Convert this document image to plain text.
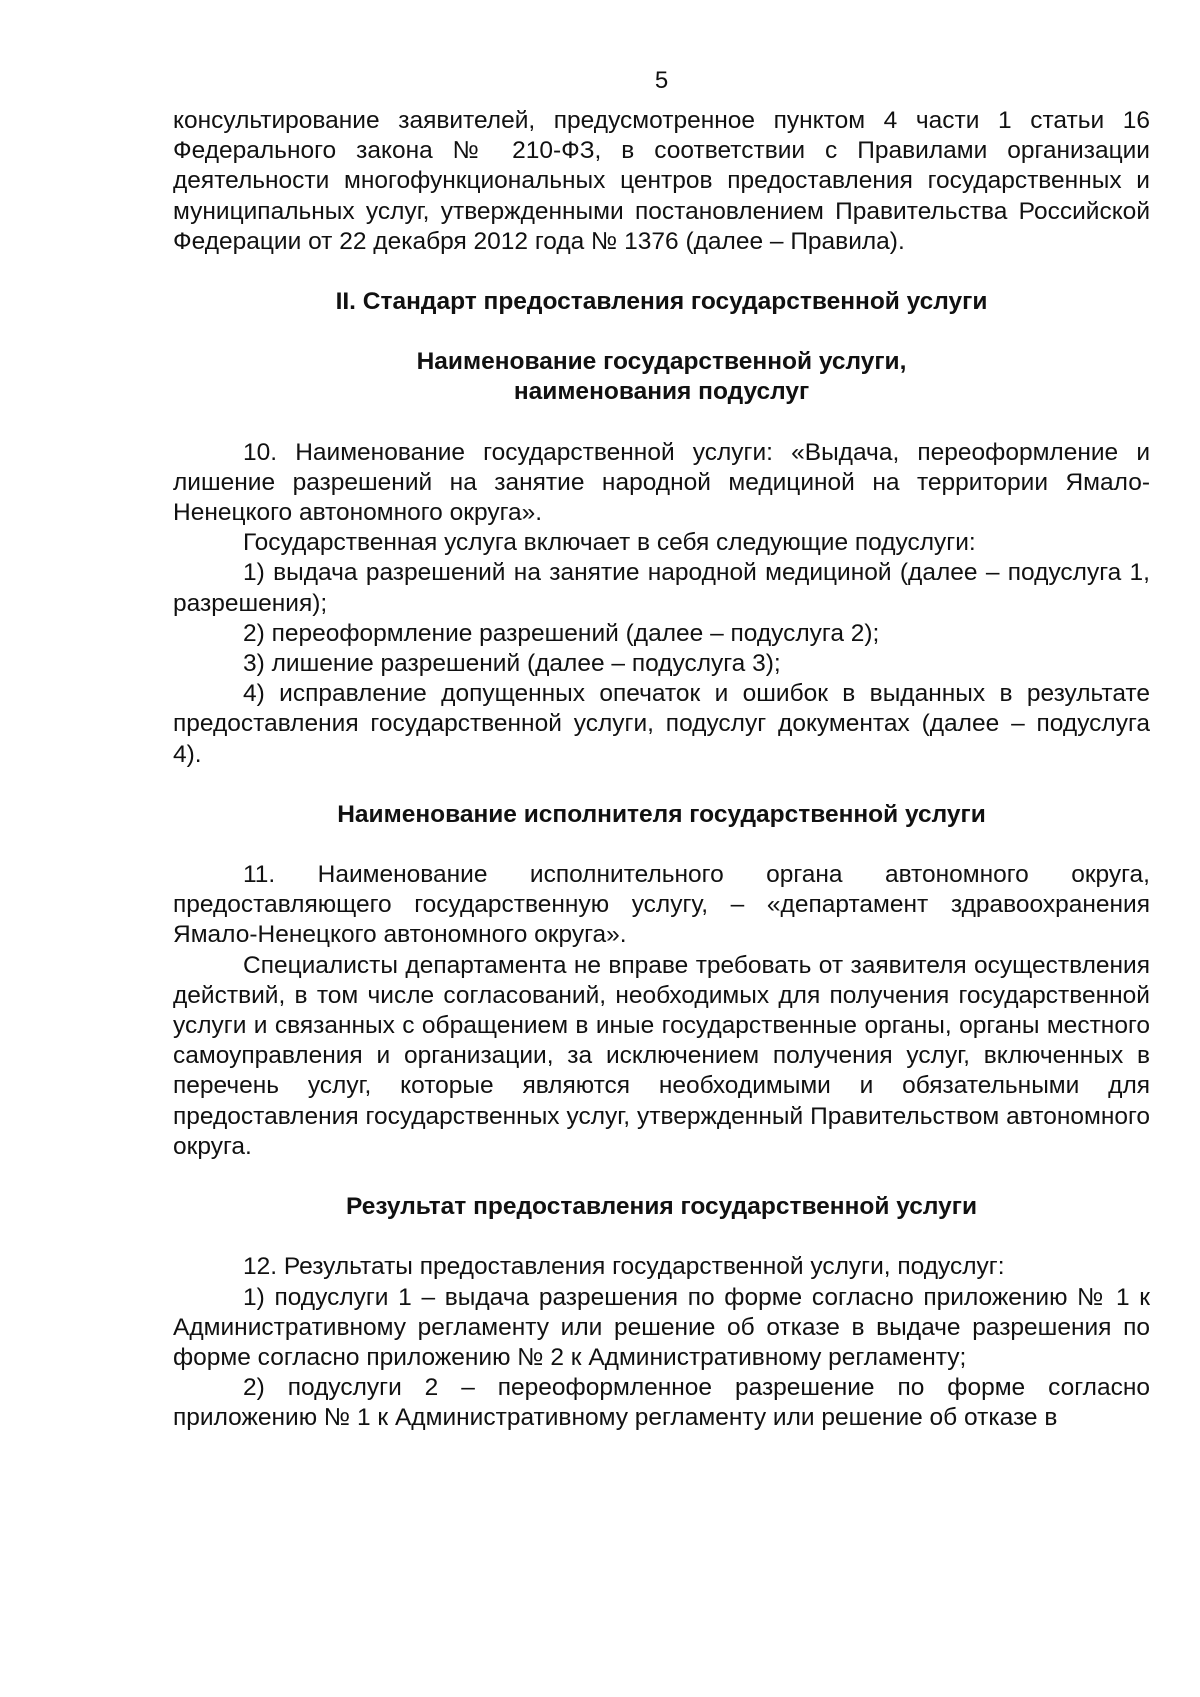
5

консультирование заявителей, предусмотренное пунктом 4 части 1 статьи 16 Федерального закона № 210-ФЗ, в соответствии с Правилами организации деятельности многофункциональных центров предоставления государственных и муниципальных услуг, утвержденными постановлением Правительства Российской Федерации от 22 декабря 2012 года № 1376 (далее – Правила).

II. Стандарт предоставления государственной услуги
Наименование государственной услуги,
наименования подуслуг

10. Наименование государственной услуги: «Выдача, переоформление и лишение разрешений на занятие народной медициной на территории Ямало-Ненецкого автономного округа».

Государственная услуга включает в себя следующие подуслуги:

1) выдача разрешений на занятие народной медициной (далее – подуслуга 1, разрешения);

2) переоформление разрешений (далее – подуслуга 2);

3) лишение разрешений (далее – подуслуга 3);

4) исправление допущенных опечаток и ошибок в выданных в результате предоставления государственной услуги, подуслуг документах (далее – подуслуга 4).

Наименование исполнителя государственной услуги

11. Наименование исполнительного органа автономного округа, предоставляющего государственную услугу, – «департамент здравоохранения Ямало-Ненецкого автономного округа».

Специалисты департамента не вправе требовать от заявителя осуществления действий, в том числе согласований, необходимых для получения государственной услуги и связанных с обращением в иные государственные органы, органы местного самоуправления и организации, за исключением получения услуг, включенных в перечень услуг, которые являются необходимыми и обязательными для предоставления государственных услуг, утвержденный Правительством автономного округа.

Результат предоставления государственной услуги

12. Результаты предоставления государственной услуги, подуслуг:

1) подуслуги 1 – выдача разрешения по форме согласно приложению № 1 к Административному регламенту или решение об отказе в выдаче разрешения по форме согласно приложению № 2 к Административному регламенту;

2) подуслуги 2 – переоформленное разрешение по форме согласно приложению № 1 к Административному регламенту или решение об отказе в
